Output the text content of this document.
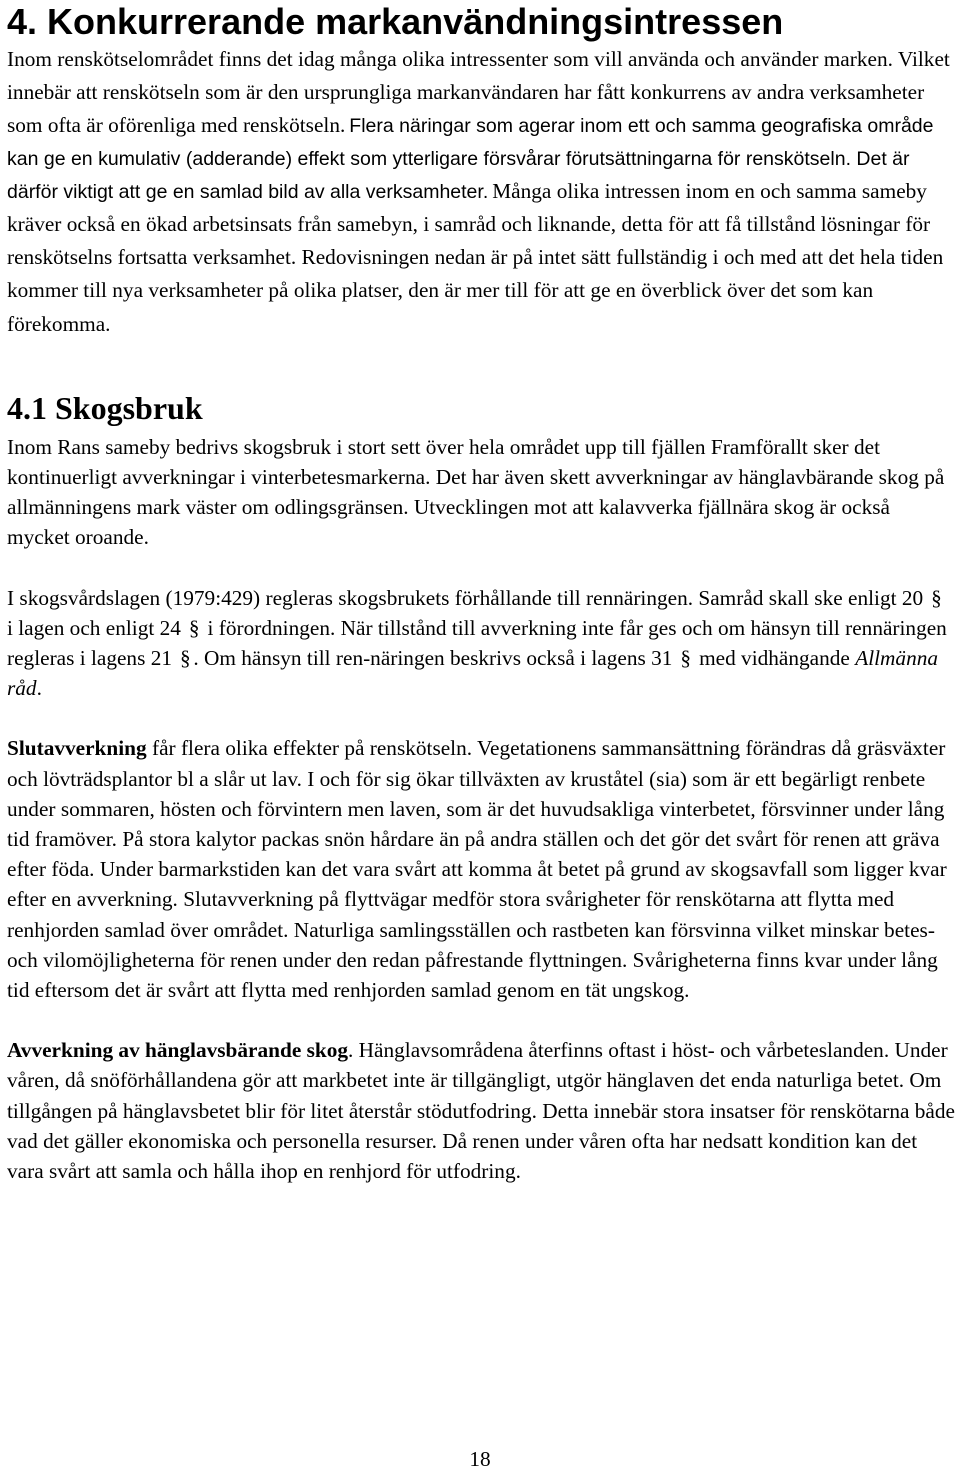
4. Konkurrerande markanvändningsintressen

Inom renskötselområdet finns det idag många olika intressenter som vill använda och använder marken. Vilket innebär att renskötseln som är den ursprungliga markanvändaren har fått konkurrens av andra verksamheter som ofta är oförenliga med renskötseln. Flera näringar som agerar inom ett och samma geografiska område kan ge en kumulativ (adderande) effekt som ytterligare försvårar förutsättningarna för renskötseln. Det är därför viktigt att ge en samlad bild av alla verksamheter. Många olika intressen inom en och samma sameby kräver också en ökad arbetsinsats från samebyn, i samråd och liknande, detta för att få tillstånd lösningar för renskötselns fortsatta verksamhet. Redovisningen nedan är på intet sätt fullständig i och med att det hela tiden kommer till nya verksamheter på olika platser, den är mer till för att ge en överblick över det som kan förekomma.

4.1 Skogsbruk

Inom Rans sameby bedrivs skogsbruk i stort sett över hela området upp till fjällen Framförallt sker det kontinuerligt avverkningar i vinterbetesmarkerna. Det har även skett avverkningar av hänglavbärande skog på allmänningens mark väster om odlingsgränsen. Utvecklingen mot att kalavverka fjällnära skog är också mycket oroande.

I skogsvårdslagen (1979:429) regleras skogsbrukets förhållande till rennäringen. Samråd skall ske enligt 20 § i lagen och enligt 24 § i förordningen. När tillstånd till avverkning inte får ges och om hänsyn till rennäringen regleras i lagens 21 § . Om hänsyn till ren-näringen beskrivs också i lagens 31 § med vidhängande Allmänna råd.

Slutavverkning får flera olika effekter på renskötseln. Vegetationens sammansättning förändras då gräsväxter och lövträdsplantor bl a slår ut lav. I och för sig ökar tillväxten av kruståtel (sia) som är ett begärligt renbete under sommaren, hösten och förvintern men laven, som är det huvudsakliga vinterbetet, försvinner under lång tid framöver. På stora kalytor packas snön hårdare än på andra ställen och det gör det svårt för renen att gräva efter föda. Under barmarkstiden kan det vara svårt att komma åt betet på grund av skogsavfall som ligger kvar efter en avverkning. Slutavverkning på flyttvägar medför stora svårigheter för renskötarna att flytta med renhjorden samlad över området. Naturliga samlingsställen och rastbeten kan försvinna vilket minskar betes- och vilomöjligheterna för renen under den redan påfrestande flyttningen. Svårigheterna finns kvar under lång tid eftersom det är svårt att flytta med renhjorden samlad genom en tät ungskog.

Avverkning av hänglavsbärande skog. Hänglavsområdena återfinns oftast i höst- och vårbeteslanden. Under våren, då snöförhållandena gör att markbetet inte är tillgängligt, utgör hänglaven det enda naturliga betet. Om tillgången på hänglavsbetet blir för litet återstår stödutfodring. Detta innebär stora insatser för renskötarna både vad det gäller ekonomiska och personella resurser. Då renen under våren ofta har nedsatt kondition kan det vara svårt att samla och hålla ihop en renhjord för utfodring.

18
